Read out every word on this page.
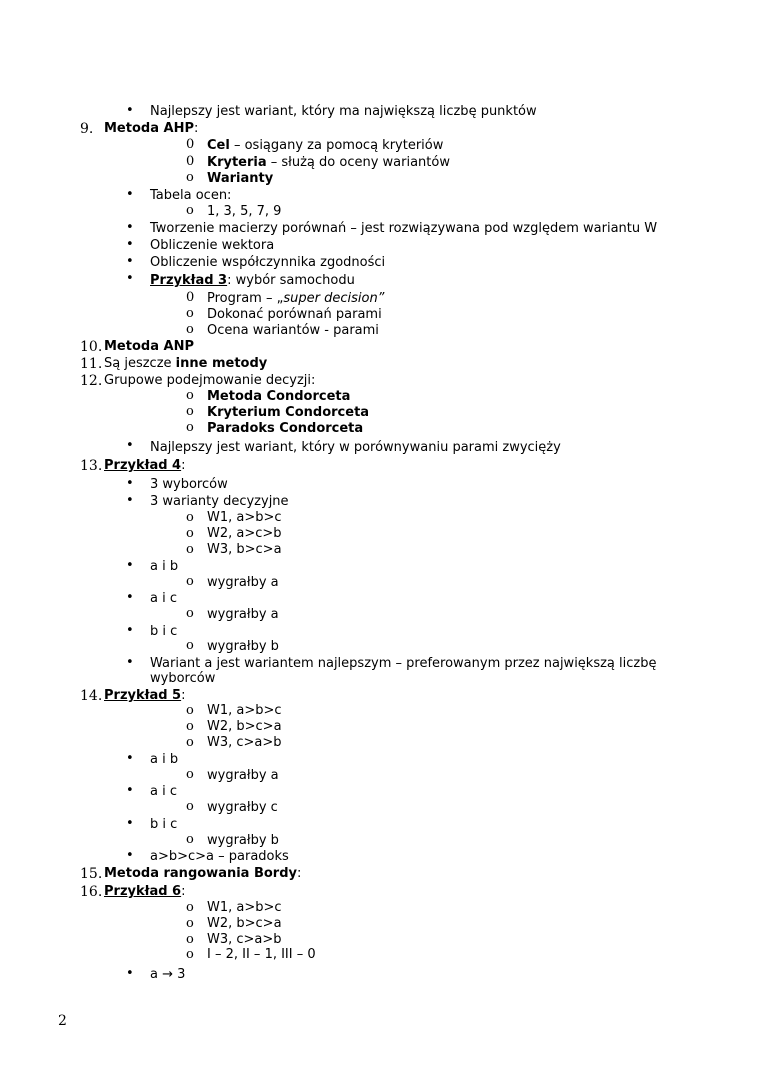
• Najlepszy jest wariant, który ma największą liczbę punktów
9. Metoda AHP:
0 Cel – osiągany za pomocą kryteriów
0 Kryteria – służą do oceny wariantów
o Warianty
• Tabela ocen:
o 1, 3, 5, 7, 9
• Tworzenie macierzy porównań – jest rozwiązywana pod względem wariantu W
• Obliczenie wektora
• Obliczenie współczynnika zgodności
• Przykład 3: wybór samochodu
0 Program – „super decision”
o Dokonać porównań parami
o Ocena wariantów - parami
10. Metoda ANP
11. Są jeszcze inne metody
12. Grupowe podejmowanie decyzji:
o Metoda Condorceta
o Kryterium Condorceta
o Paradoks Condorceta
• Najlepszy jest wariant, który w porównywaniu parami zwycięży
13. Przykład 4:
• 3 wyborców
• 3 warianty decyzyjne
o W1, a>b>c
o W2, a>c>b
o W3, b>c>a
• a i b
o wygrałby a
• a i c
o wygrałby a
• b i c
o wygrałby b
• Wariant a jest wariantem najlepszym – preferowanym przez największą liczbę
wyborców
14. Przykład 5:
o W1, a>b>c
o W2, b>c>a
o W3, c>a>b
• a i b
o wygrałby a
• a i c
o wygrałby c
• b i c
o wygrałby b
• a>b>c>a – paradoks
15. Metoda rangowania Bordy:
16. Przykład 6:
o W1, a>b>c
o W2, b>c>a
o W3, c>a>b
o I – 2, II – 1, III – 0
• a → 3
2
